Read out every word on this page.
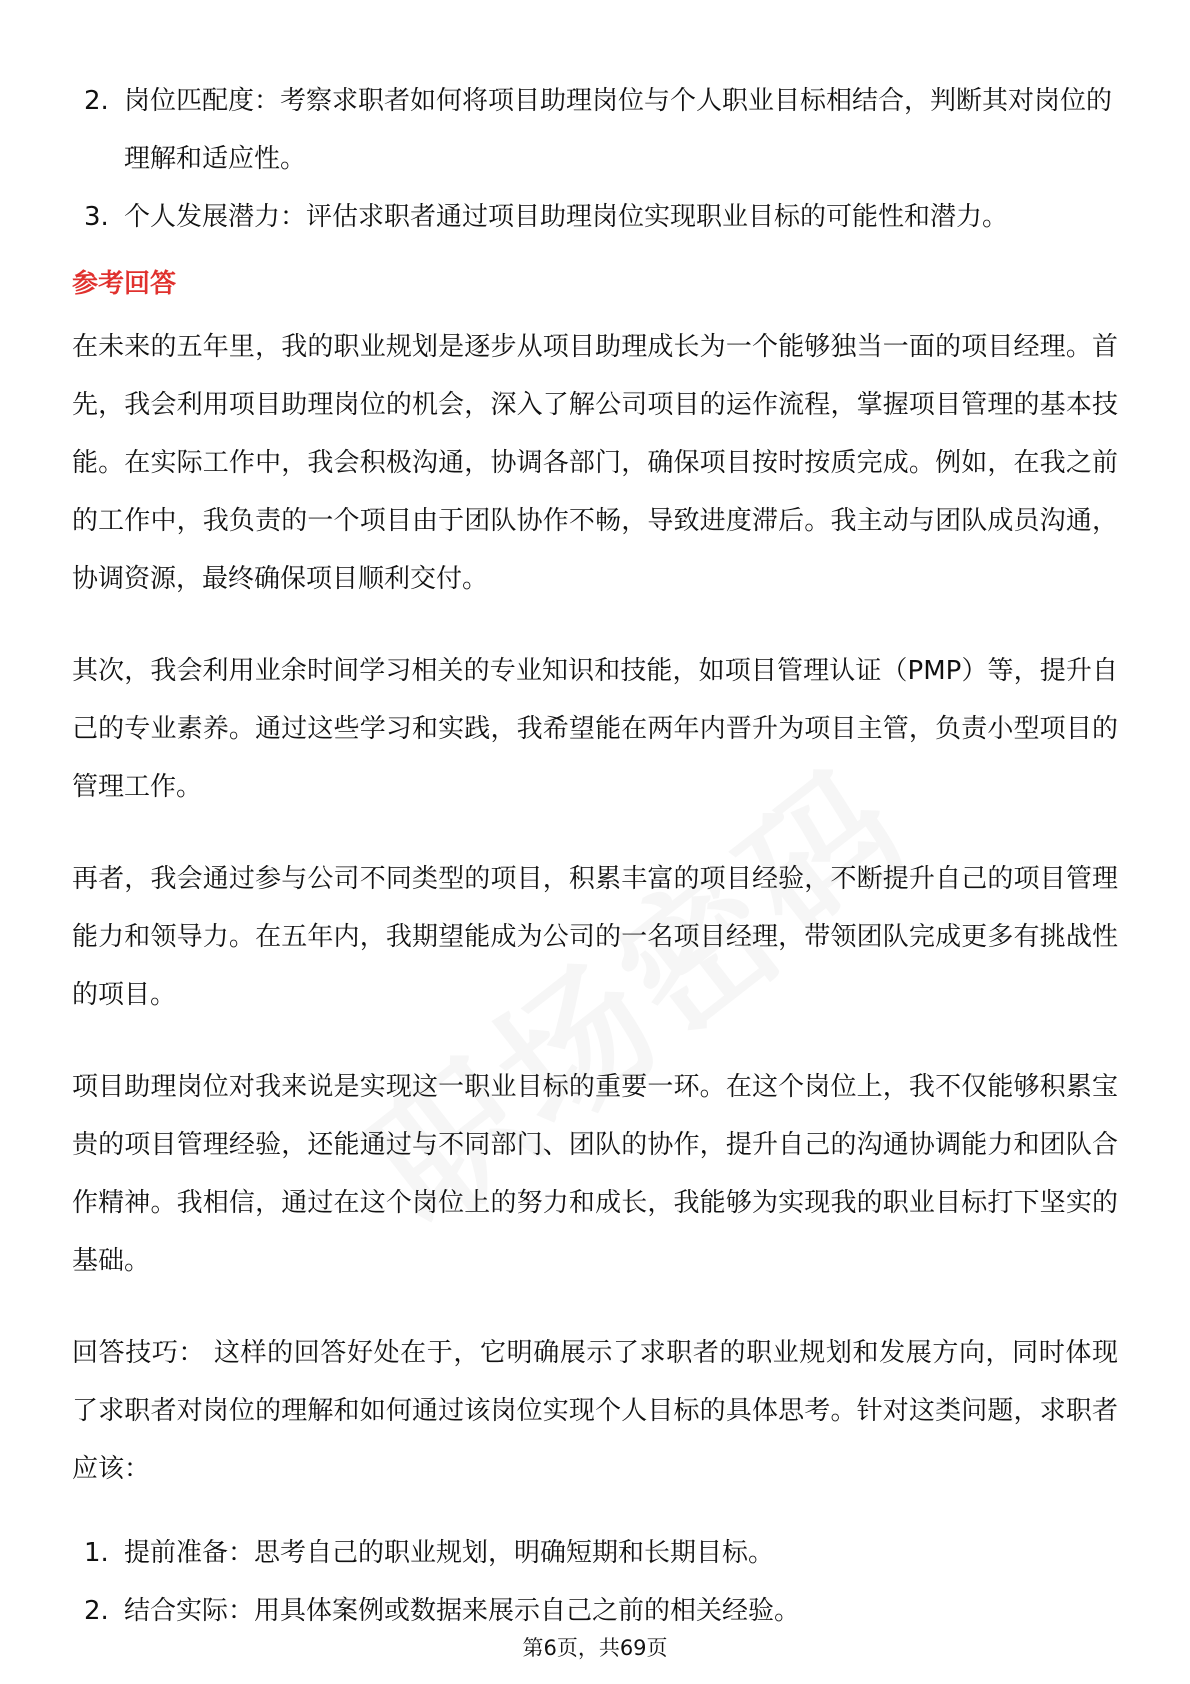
2. 岗位匹配度：考察求职者如何将项目助理岗位与个人职业目标相结合，判断其对岗位的理解和适应性。
3. 个人发展潜力：评估求职者通过项目助理岗位实现职业目标的可能性和潜力。
参考回答

在未来的五年里，我的职业规划是逐步从项目助理成长为一个能够独当一面的项目经理。首先，我会利用项目助理岗位的机会，深入了解公司项目的运作流程，掌握项目管理的基本技能。在实际工作中，我会积极沟通，协调各部门，确保项目按时按质完成。例如，在我之前的工作中，我负责的一个项目由于团队协作不畅，导致进度滞后。我主动与团队成员沟通，协调资源，最终确保项目顺利交付。

其次，我会利用业余时间学习相关的专业知识和技能，如项目管理认证（PMP）等，提升自己的专业素养。通过这些学习和实践，我希望能在两年内晋升为项目主管，负责小型项目的管理工作。

再者，我会通过参与公司不同类型的项目，积累丰富的项目经验，不断提升自己的项目管理能力和领导力。在五年内，我期望能成为公司的一名项目经理，带领团队完成更多有挑战性的项目。

项目助理岗位对我来说是实现这一职业目标的重要一环。在这个岗位上，我不仅能够积累宝贵的项目管理经验，还能通过与不同部门、团队的协作，提升自己的沟通协调能力和团队合作精神。我相信，通过在这个岗位上的努力和成长，我能够为实现我的职业目标打下坚实的基础。

回答技巧： 这样的回答好处在于，它明确展示了求职者的职业规划和发展方向，同时体现了求职者对岗位的理解和如何通过该岗位实现个人目标的具体思考。针对这类问题，求职者应该：

1. 提前准备：思考自己的职业规划，明确短期和长期目标。
2. 结合实际：用具体案例或数据来展示自己之前的相关经验。
第6页，共69页
